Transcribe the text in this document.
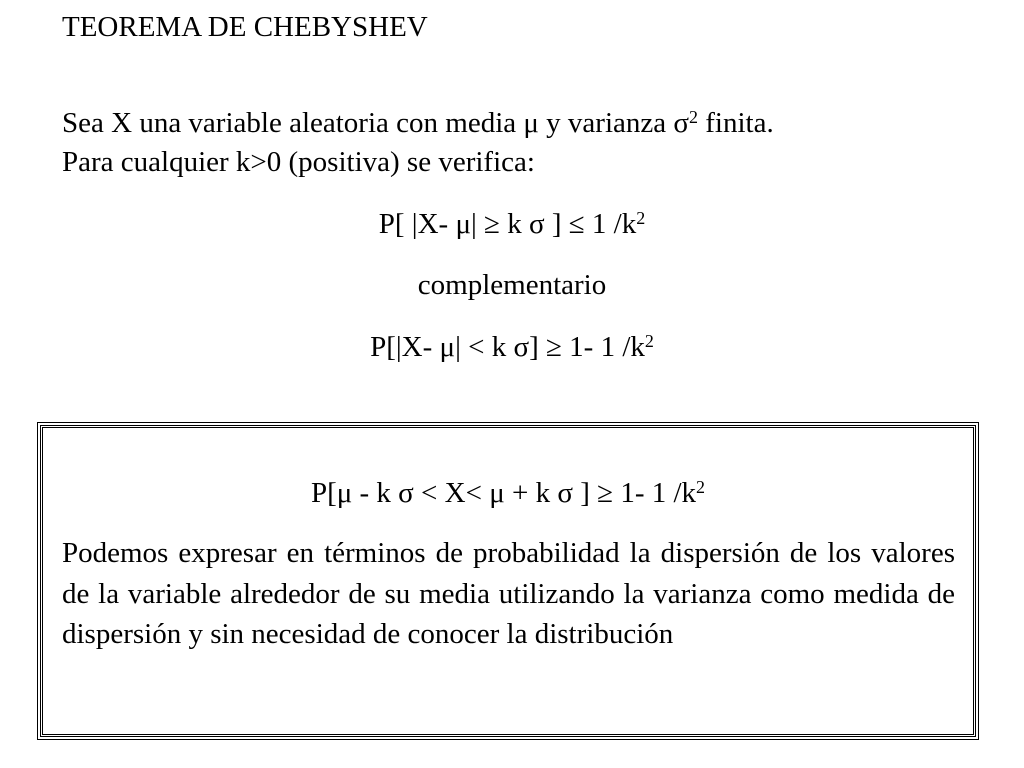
TEOREMA DE CHEBYSHEV
Sea X una variable aleatoria con media μ y varianza $\sigma^2$ finita.
Para cualquier k>0 (positiva) se verifica:
P[ |X- μ| ≥ k σ ] ≤ 1 $/k^2$
complementario
P[|X- μ| < k σ] ≥ 1- 1 $/k^2$
P[μ - k σ < X< μ + k σ ] ≥ 1- 1 $/k^2$
Podemos expresar en términos de probabilidad la dispersión de los valores de la variable alrededor de su media utilizando la varianza como medida de dispersión y sin necesidad de conocer la distribución
